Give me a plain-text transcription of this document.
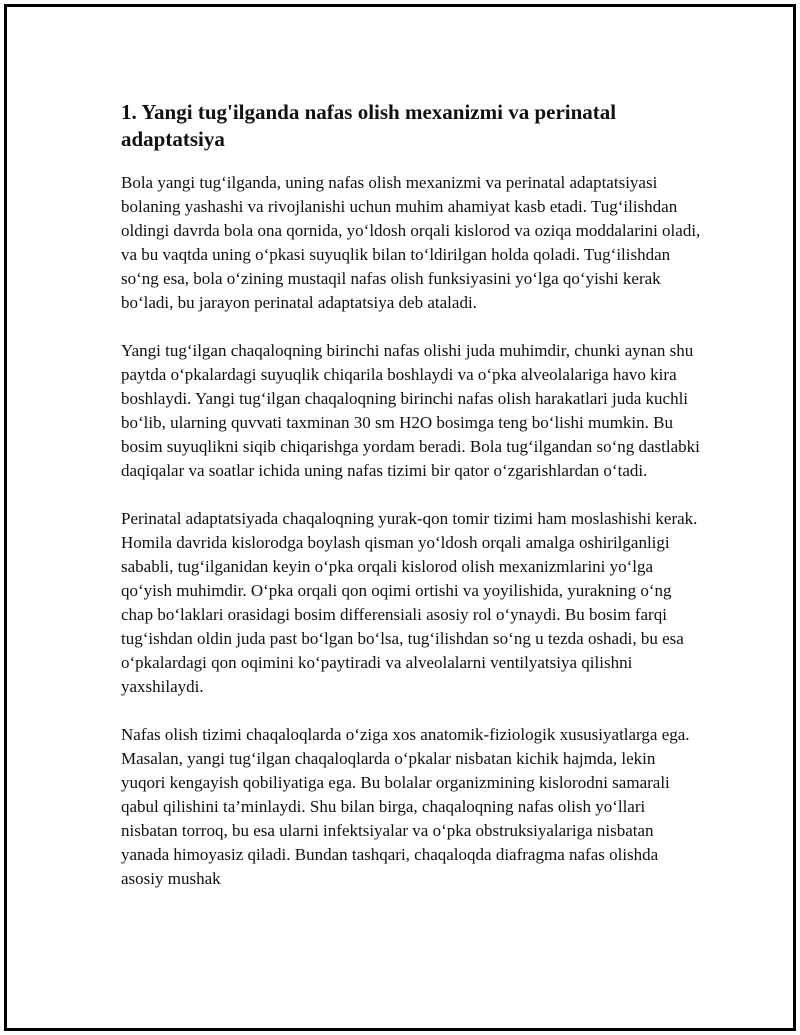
1. Yangi tug'ilganda nafas olish mexanizmi va perinatal adaptatsiya

Bola yangi tug‘ilganda, uning nafas olish mexanizmi va perinatal adaptatsiyasi bolaning yashashi va rivojlanishi uchun muhim ahamiyat kasb etadi. Tug‘ilishdan oldingi davrda bola ona qornida, yo‘ldosh orqali kislorod va oziqa moddalarini oladi, va bu vaqtda uning o‘pkasi suyuqlik bilan to‘ldirilgan holda qoladi. Tug‘ilishdan so‘ng esa, bola o‘zining mustaqil nafas olish funksiyasini yo‘lga qo‘yishi kerak bo‘ladi, bu jarayon perinatal adaptatsiya deb ataladi.

Yangi tug‘ilgan chaqaloqning birinchi nafas olishi juda muhimdir, chunki aynan shu paytda o‘pkalardagi suyuqlik chiqarila boshlaydi va o‘pka alveolalariga havo kira boshlaydi. Yangi tug‘ilgan chaqaloqning birinchi nafas olish harakatlari juda kuchli bo‘lib, ularning quvvati taxminan 30 sm H2O bosimga teng bo‘lishi mumkin. Bu bosim suyuqlikni siqib chiqarishga yordam beradi. Bola tug‘ilgandan so‘ng dastlabki daqiqalar va soatlar ichida uning nafas tizimi bir qator o‘zgarishlardan o‘tadi.

Perinatal adaptatsiyada chaqaloqning yurak-qon tomir tizimi ham moslashishi kerak. Homila davrida kislorodga boylash qisman yo‘ldosh orqali amalga oshirilganligi sababli, tug‘ilganidan keyin o‘pka orqali kislorod olish mexanizmlarini yo‘lga qo‘yish muhimdir. O‘pka orqali qon oqimi ortishi va yoyilishida, yurakning o‘ng chap bo‘laklari orasidagi bosim differensiali asosiy rol o‘ynaydi. Bu bosim farqi tug‘ishdan oldin juda past bo‘lgan bo‘lsa, tug‘ilishdan so‘ng u tezda oshadi, bu esa o‘pkalardagi qon oqimini ko‘paytiradi va alveolalarni ventilyatsiya qilishni yaxshilaydi.

Nafas olish tizimi chaqaloqlarda o‘ziga xos anatomik-fiziologik xususiyatlarga ega. Masalan, yangi tug‘ilgan chaqaloqlarda o‘pkalar nisbatan kichik hajmda, lekin yuqori kengayish qobiliyatiga ega. Bu bolalar organizmining kislorodni samarali qabul qilishini ta’minlaydi. Shu bilan birga, chaqaloqning nafas olish yo‘llari nisbatan torroq, bu esa ularni infektsiyalar va o‘pka obstruksiyalariga nisbatan yanada himoyasiz qiladi. Bundan tashqari, chaqaloqda diafragma nafas olishda asosiy mushak
